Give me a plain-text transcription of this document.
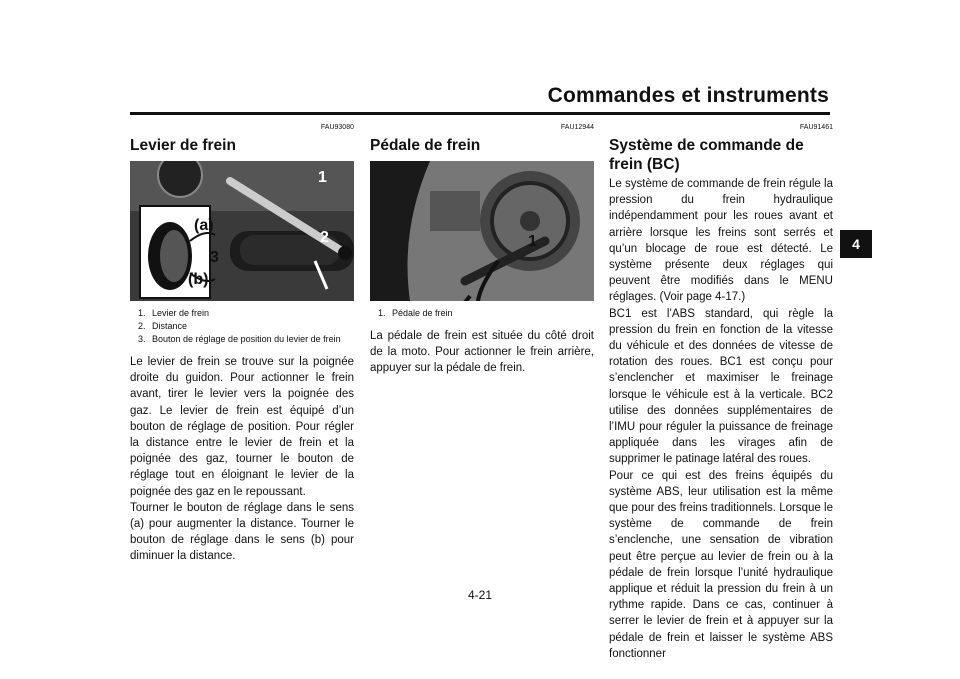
Commandes et instruments
4
FAU93080
Levier de frein
1
2
3
(a)
(b)
1. Levier de frein
2. Distance
3. Bouton de réglage de position du levier de frein

Le levier de frein se trouve sur la poignée droite du guidon. Pour actionner le frein avant, tirer le levier vers la poignée des gaz. Le levier de frein est équipé d’un bouton de réglage de position. Pour régler la distance entre le levier de frein et la poignée des gaz, tourner le bouton de réglage tout en éloignant le levier de la poignée des gaz en le repoussant.

Tourner le bouton de réglage dans le sens (a) pour augmenter la distance. Tourner le bouton de réglage dans le sens (b) pour diminuer la distance.

FAU12944
Pédale de frein
1
1. Pédale de frein

La pédale de frein est située du côté droit de la moto. Pour actionner le frein arrière, appuyer sur la pédale de frein.

FAU91461
Système de commande de frein (BC)

Le système de commande de frein régule la pression du frein hydraulique indépendamment pour les roues avant et arrière lorsque les freins sont serrés et qu’un blocage de roue est détecté. Le système présente deux réglages qui peuvent être modifiés dans le MENU réglages. (Voir page 4-17.)

BC1 est l’ABS standard, qui règle la pression du frein en fonction de la vitesse du véhicule et des données de vitesse de rotation des roues. BC1 est conçu pour s’enclencher et maximiser le freinage lorsque le véhicule est à la verticale. BC2 utilise des données supplémentaires de l’IMU pour réguler la puissance de freinage appliquée dans les virages afin de supprimer le patinage latéral des roues.

Pour ce qui est des freins équipés du système ABS, leur utilisation est la même que pour des freins traditionnels. Lorsque le système de commande de frein s’enclenche, une sensation de vibration peut être perçue au levier de frein ou à la pédale de frein lorsque l’unité hydraulique applique et réduit la pression du frein à un rythme rapide. Dans ce cas, continuer à serrer le levier de frein et à appuyer sur la pédale de frein et laisser le système ABS fonctionner

4-21
